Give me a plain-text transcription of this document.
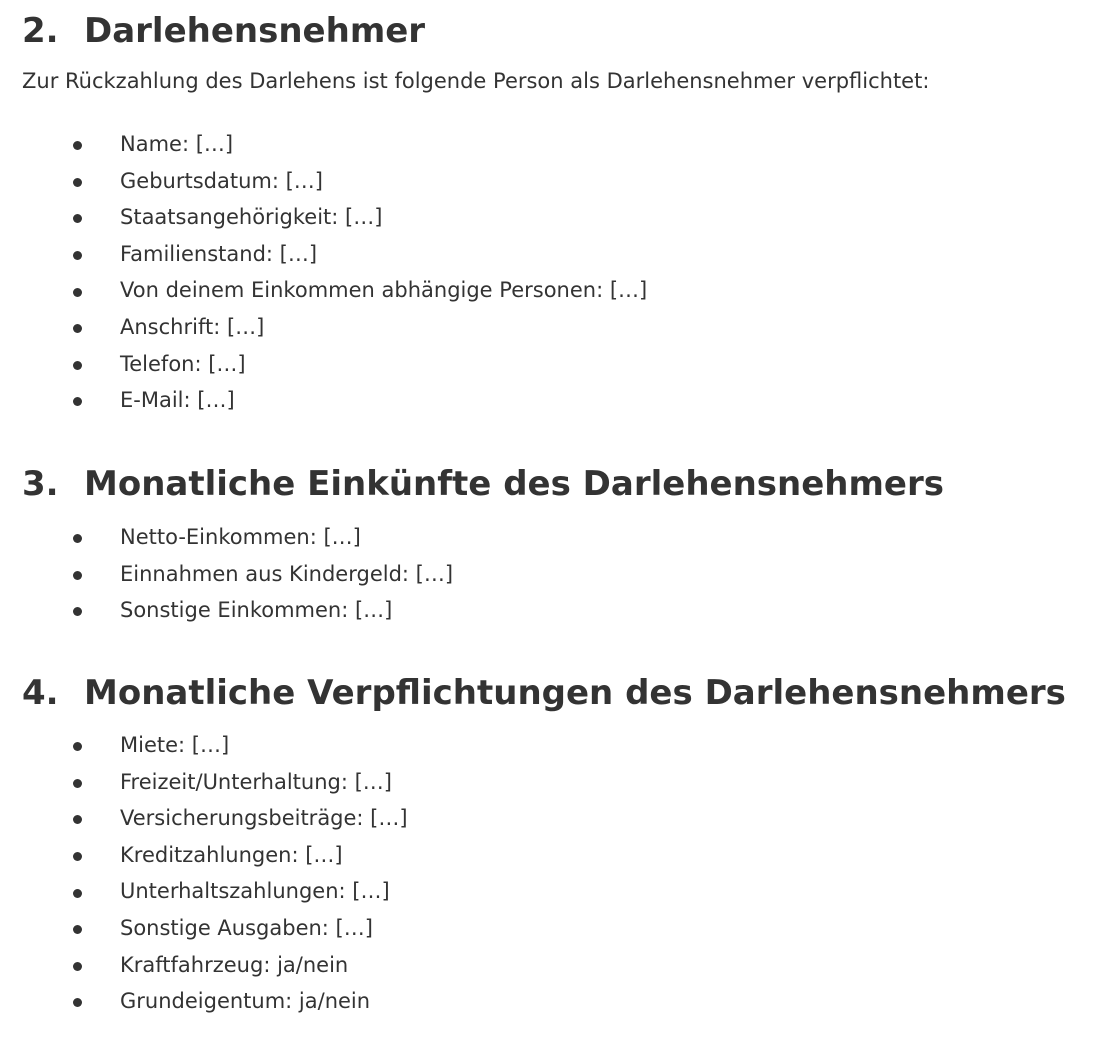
2. Darlehensnehmer

Zur Rückzahlung des Darlehens ist folgende Person als Darlehensnehmer verpflichtet:

Name: […]
Geburtsdatum: […]
Staatsangehörigkeit: […]
Familienstand: […]
Von deinem Einkommen abhängige Personen: […]
Anschrift: […]
Telefon: […]
E-Mail: […]
3. Monatliche Einkünfte des Darlehensnehmers
Netto-Einkommen: […]
Einnahmen aus Kindergeld: […]
Sonstige Einkommen: […]
4. Monatliche Verpflichtungen des Darlehensnehmers
Miete: […]
Freizeit/Unterhaltung: […]
Versicherungsbeiträge: […]
Kreditzahlungen: […]
Unterhaltszahlungen: […]
Sonstige Ausgaben: […]
Kraftfahrzeug: ja/nein
Grundeigentum: ja/nein
